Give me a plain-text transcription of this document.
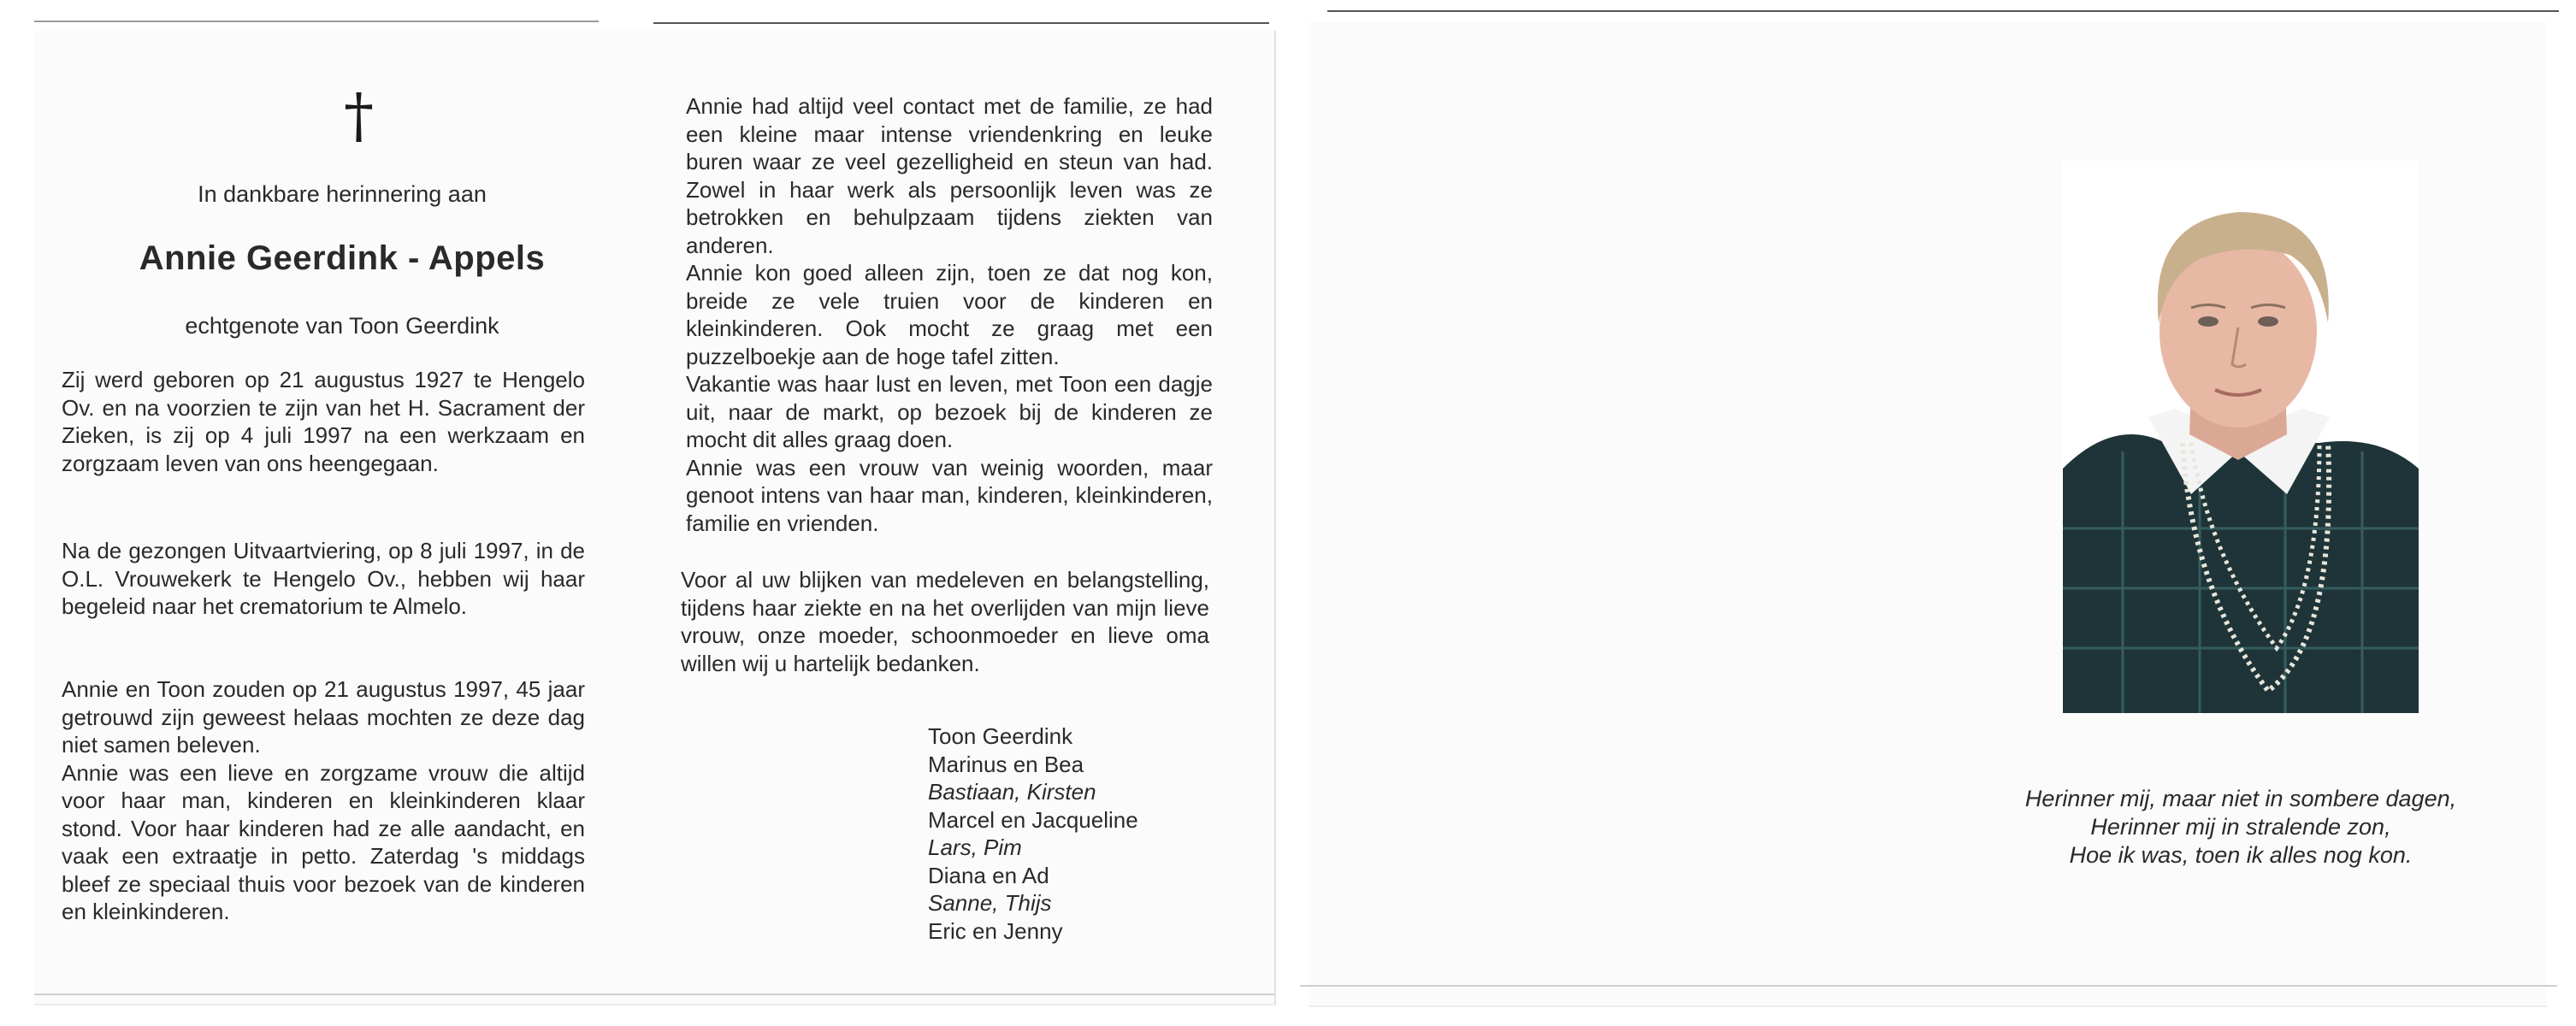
†
In dankbare herinnering aan
Annie Geerdink - Appels
echtgenote van Toon Geerdink

Zij werd geboren op 21 augustus 1927 te Hengelo Ov. en na voorzien te zijn van het H. Sacrament der Zieken, is zij op 4 juli 1997 na een werkzaam en zorgzaam leven van ons heengegaan.

Na de gezongen Uitvaartviering, op 8 juli 1997, in de O.L. Vrouwekerk te Hengelo Ov., hebben wij haar begeleid naar het crematorium te Almelo.

Annie en Toon zouden op 21 augustus 1997, 45 jaar getrouwd zijn geweest helaas mochten ze deze dag niet samen beleven.

Annie was een lieve en zorgzame vrouw die altijd voor haar man, kinderen en kleinkinderen klaar stond. Voor haar kinderen had ze alle aandacht, en vaak een extraatje in petto. Zaterdag 's middags bleef ze speciaal thuis voor bezoek van de kinderen en kleinkinderen.

Annie had altijd veel contact met de familie, ze had een kleine maar intense vriendenkring en leuke buren waar ze veel gezelligheid en steun van had. Zowel in haar werk als persoonlijk leven was ze betrokken en behulpzaam tijdens ziekten van anderen.

Annie kon goed alleen zijn, toen ze dat nog kon, breide ze vele truien voor de kinderen en kleinkinderen. Ook mocht ze graag met een puzzelboekje aan de hoge tafel zitten.

Vakantie was haar lust en leven, met Toon een dagje uit, naar de markt, op bezoek bij de kinderen ze mocht dit alles graag doen.

Annie was een vrouw van weinig woorden, maar genoot intens van haar man, kinderen, kleinkinderen, familie en vrienden.

Voor al uw blijken van medeleven en belangstelling, tijdens haar ziekte en na het overlijden van mijn lieve vrouw, onze moeder, schoonmoeder en lieve oma willen wij u hartelijk bedanken.

Toon Geerdink
Marinus en Bea
Bastiaan, Kirsten
Marcel en Jacqueline
Lars, Pim
Diana en Ad
Sanne, Thijs
Eric en Jenny
Herinner mij, maar niet in sombere dagen,
Herinner mij in stralende zon,
Hoe ik was, toen ik alles nog kon.
